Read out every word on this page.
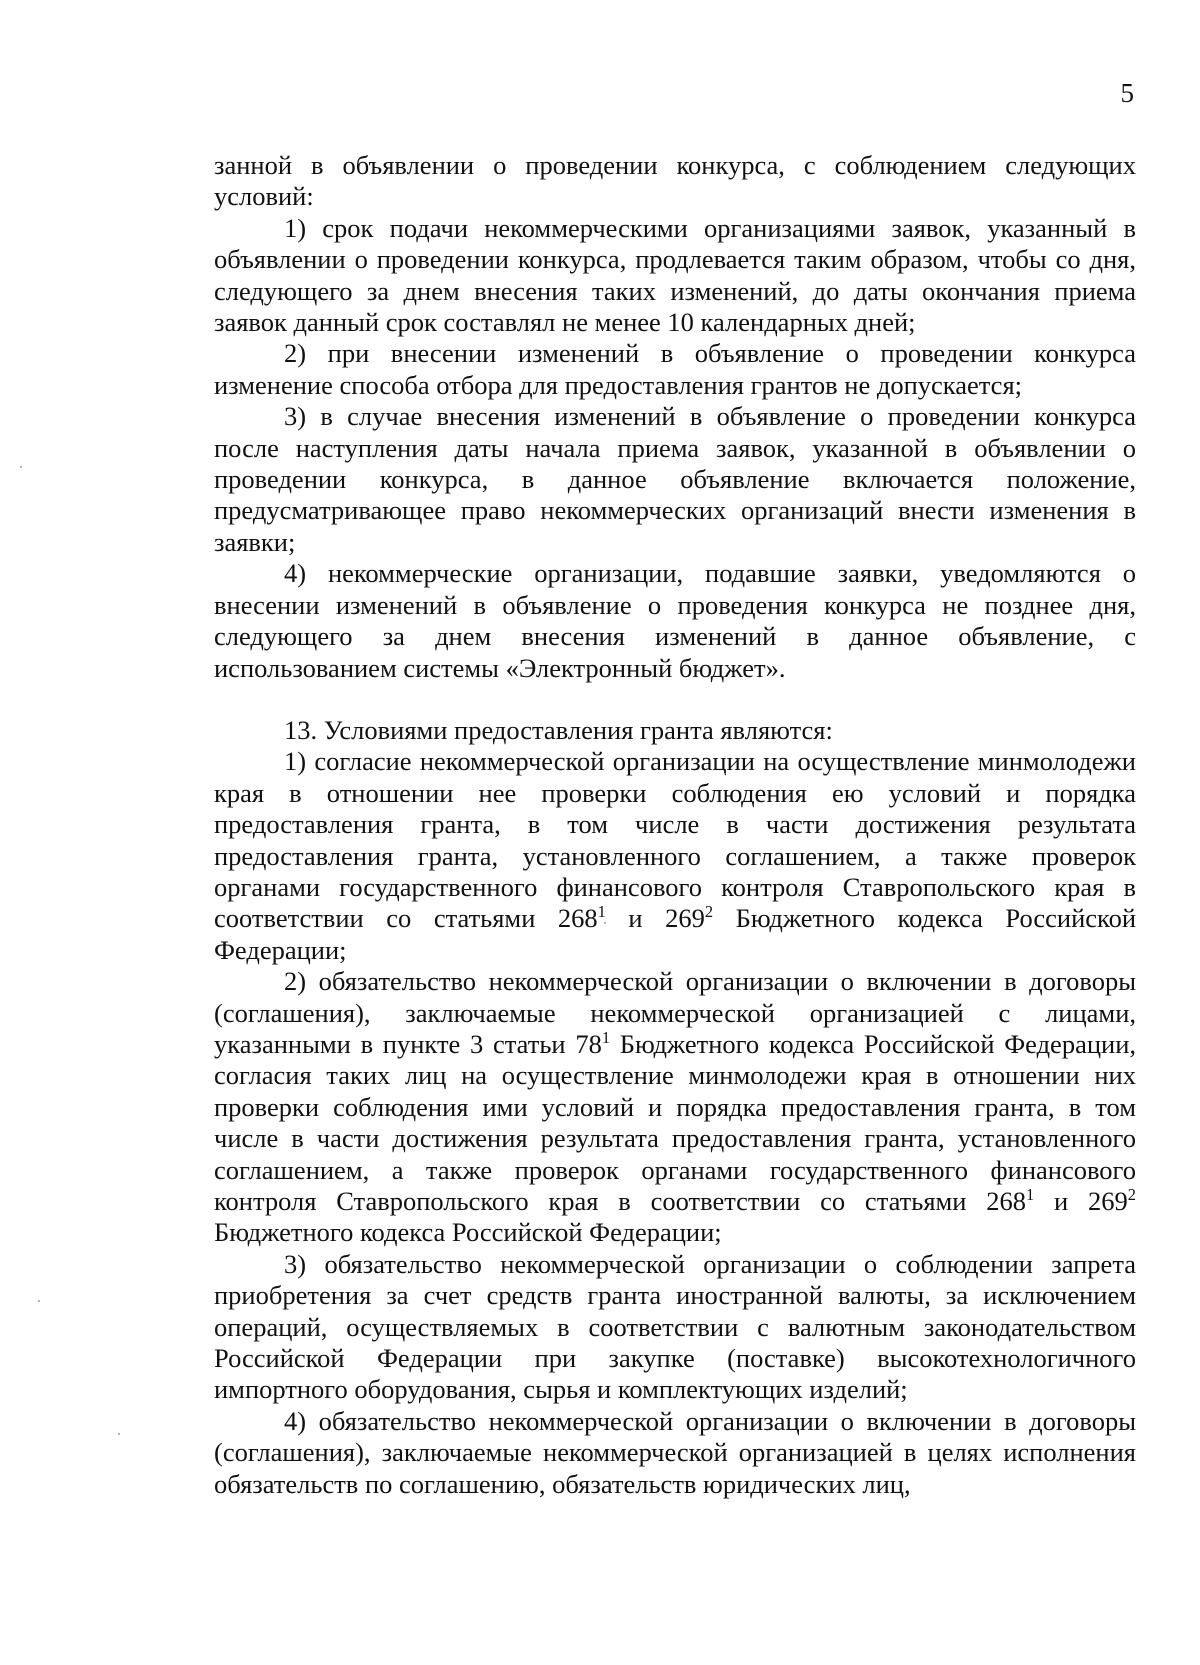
5

занной в объявлении о проведении конкурса, с соблюдением следующих условий:

1) срок подачи некоммерческими организациями заявок, указанный в объявлении о проведении конкурса, продлевается таким образом, чтобы со дня, следующего за днем внесения таких изменений, до даты окончания приема заявок данный срок составлял не менее 10 календарных дней;

2) при внесении изменений в объявление о проведении конкурса изменение способа отбора для предоставления грантов не допускается;

3) в случае внесения изменений в объявление о проведении конкурса после наступления даты начала приема заявок, указанной в объявлении о проведении конкурса, в данное объявление включается положение, предусматривающее право некоммерческих организаций внести изменения в заявки;

4) некоммерческие организации, подавшие заявки, уведомляются о внесении изменений в объявление о проведения конкурса не позднее дня, следующего за днем внесения изменений в данное объявление, с использованием системы «Электронный бюджет».

13. Условиями предоставления гранта являются:

1) согласие некоммерческой организации на осуществление минмолодежи края в отношении нее проверки соблюдения ею условий и порядка предоставления гранта, в том числе в части достижения результата предоставления гранта, установленного соглашением, а также проверок органами государственного финансового контроля Ставропольского края в соответствии со статьями $268^1$ и $269^2$ Бюджетного кодекса Российской Федерации;

2) обязательство некоммерческой организации о включении в договоры (соглашения), заключаемые некоммерческой организацией с лицами, указанными в пункте 3 статьи $78^1$ Бюджетного кодекса Российской Федерации, согласия таких лиц на осуществление минмолодежи края в отношении них проверки соблюдения ими условий и порядка предоставления гранта, в том числе в части достижения результата предоставления гранта, установленного соглашением, а также проверок органами государственного финансового контроля Ставропольского края в соответствии со статьями $268^1$ и $269^2$ Бюджетного кодекса Российской Федерации;

3) обязательство некоммерческой организации о соблюдении запрета приобретения за счет средств гранта иностранной валюты, за исключением операций, осуществляемых в соответствии с валютным законодательством Российской Федерации при закупке (поставке) высокотехнологичного импортного оборудования, сырья и комплектующих изделий;

4) обязательство некоммерческой организации о включении в договоры (соглашения), заключаемые некоммерческой организацией в целях исполнения обязательств по соглашению, обязательств юридических лиц,
